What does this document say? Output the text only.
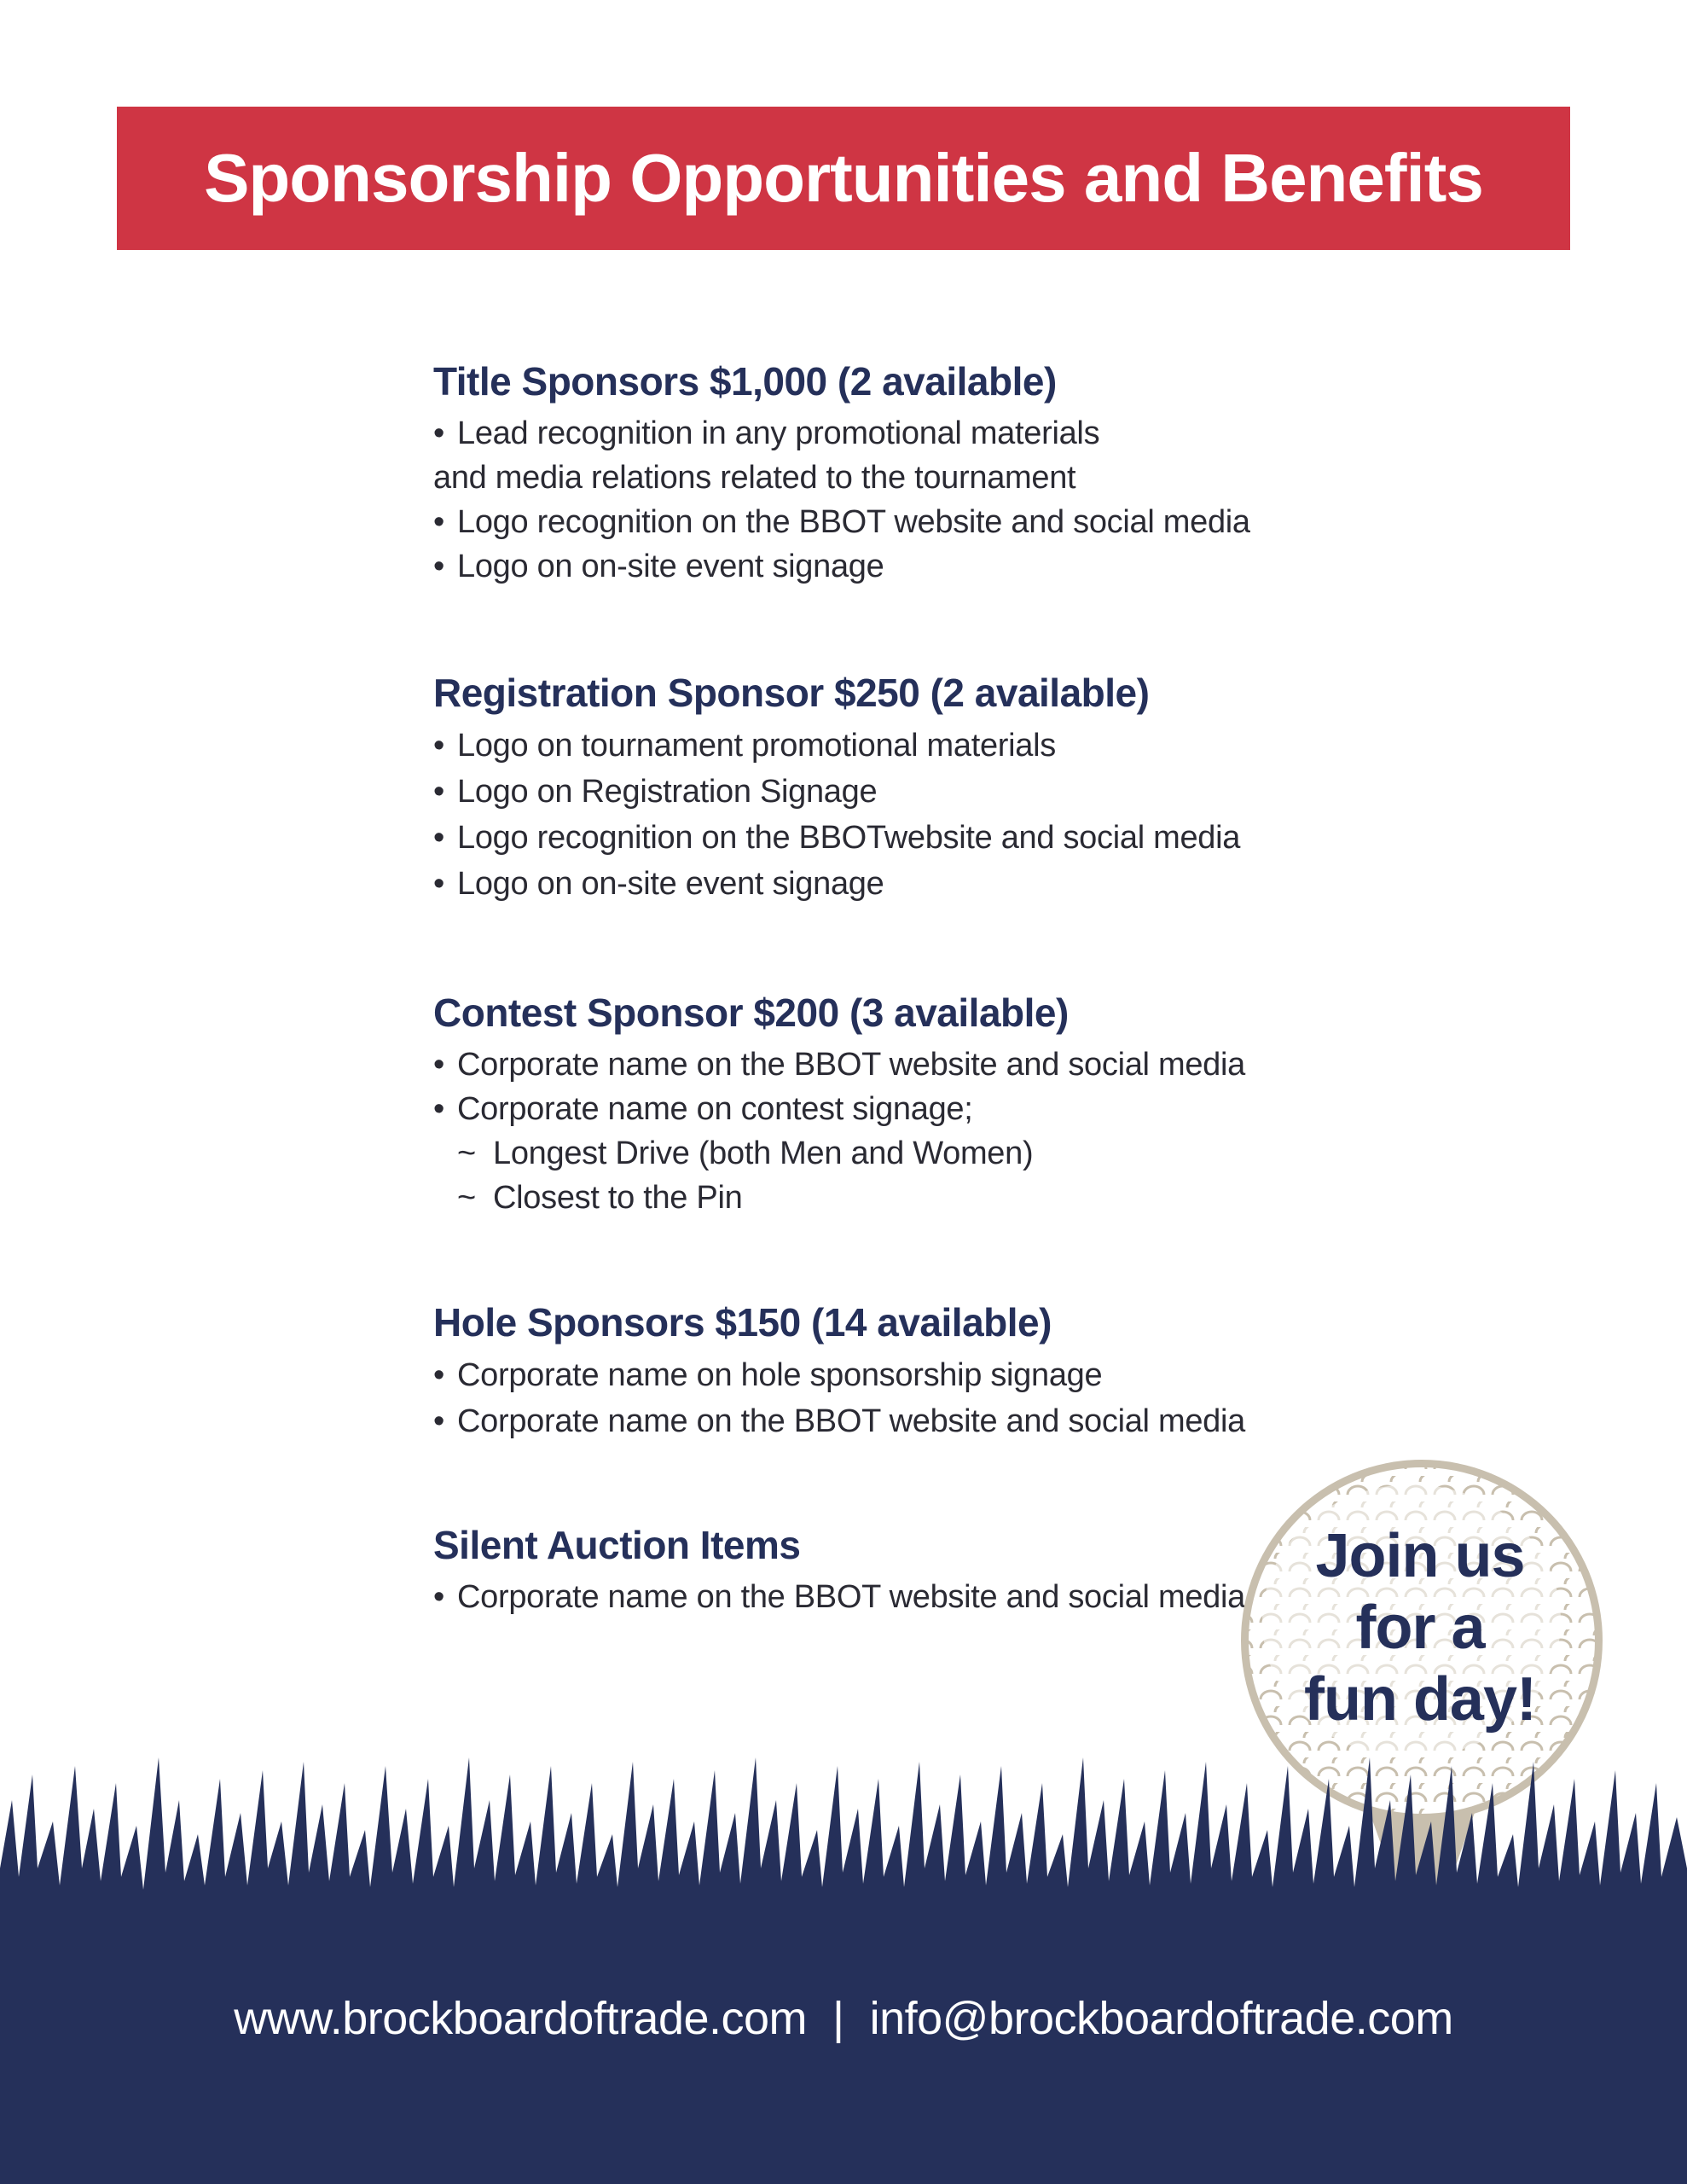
Sponsorship Opportunities and Benefits
Title Sponsors $1,000 (2 available)
• Lead recognition in any promotional materials
and media relations related to the tournament
• Logo recognition on the BBOT website and social media
• Logo on on-site event signage
Registration Sponsor $250 (2 available)
• Logo on tournament promotional materials
• Logo on Registration Signage
• Logo recognition on the BBOTwebsite and social media
• Logo on on-site event signage
Contest Sponsor $200 (3 available)
• Corporate name on the BBOT website and social media
• Corporate name on contest signage;
~ Longest Drive (both Men and Women)
~ Closest to the Pin
Hole Sponsors $150 (14 available)
• Corporate name on hole sponsorship signage
• Corporate name on the BBOT website and social media
Silent Auction Items
• Corporate name on the BBOT website and social media
Join us
for a
fun day!
www.brockboardoftrade.com | info@brockboardoftrade.com
